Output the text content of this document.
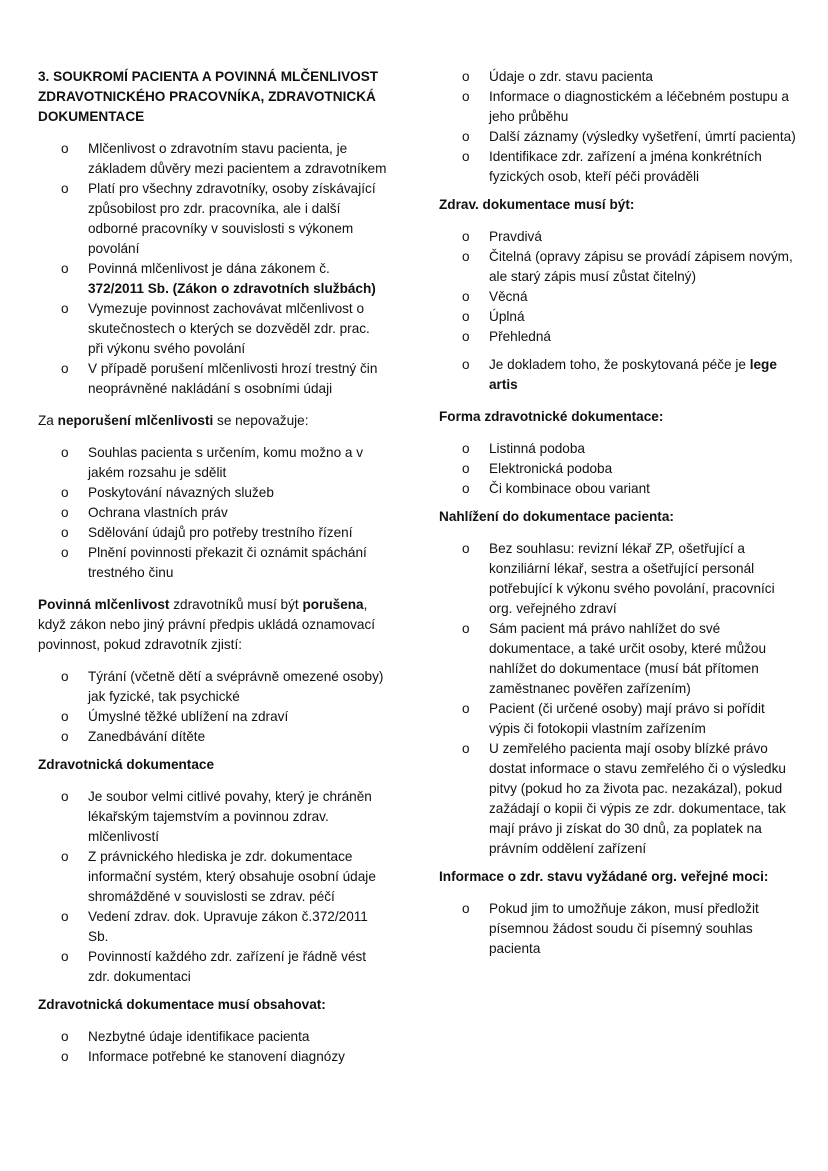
3. SOUKROMÍ PACIENTA A POVINNÁ MLČENLIVOST ZDRAVOTNICKÉHO PRACOVNÍKA, ZDRAVOTNICKÁ DOKUMENTACE

o Mlčenlivost o zdravotním stavu pacienta, je základem důvěry mezi pacientem a zdravotníkem
o Platí pro všechny zdravotníky, osoby získávající způsobilost pro zdr. pracovníka, ale i další odborné pracovníky v souvislosti s výkonem povolání
o Povinná mlčenlivost je dána zákonem č. 372/2011 Sb. (Zákon o zdravotních službách)
o Vymezuje povinnost zachovávat mlčenlivost o skutečnostech o kterých se dozvěděl zdr. prac. při výkonu svého povolání
o V případě porušení mlčenlivosti hrozí trestný čin neoprávněné nakládání s osobními údaji

Za neporušení mlčenlivosti se nepovažuje:

o Souhlas pacienta s určením, komu možno a v jakém rozsahu je sdělit
o Poskytování návazných služeb
o Ochrana vlastních práv
o Sdělování údajů pro potřeby trestního řízení
o Plnění povinnosti překazit či oznámit spáchání trestného činu

Povinná mlčenlivost zdravotníků musí být porušena, když zákon nebo jiný právní předpis ukládá oznamovací povinnost, pokud zdravotník zjistí:

o Týrání (včetně dětí a svéprávně omezené osoby) jak fyzické, tak psychické
o Úmyslné těžké ublížení na zdraví
o Zanedbávání dítěte

Zdravotnická dokumentace

o Je soubor velmi citlivé povahy, který je chráněn lékařským tajemstvím a povinnou zdrav. mlčenlivostí
o Z právnického hlediska je zdr. dokumentace informační systém, který obsahuje osobní údaje shromážděné v souvislosti se zdrav. péčí
o Vedení zdrav. dok. Upravuje zákon č.372/2011 Sb.
o Povinností každého zdr. zařízení je řádně vést zdr. dokumentaci

Zdravotnická dokumentace musí obsahovat:

o Nezbytné údaje identifikace pacienta
o Informace potřebné ke stanovení diagnózy
o Údaje o zdr. stavu pacienta
o Informace o diagnostickém a léčebném postupu a jeho průběhu
o Další záznamy (výsledky vyšetření, úmrtí pacienta)
o Identifikace zdr. zařízení a jména konkrétních fyzických osob, kteří péči prováděli

Zdrav. dokumentace musí být:

o Pravdivá
o Čitelná (opravy zápisu se provádí zápisem novým, ale starý zápis musí zůstat čitelný)
o Věcná
o Úplná
o Přehledná
o Je dokladem toho, že poskytovaná péče je lege artis

Forma zdravotnické dokumentace:

o Listinná podoba
o Elektronická podoba
o Či kombinace obou variant

Nahlížení do dokumentace pacienta:

o Bez souhlasu: revizní lékař ZP, ošetřující a konziliární lékař, sestra a ošetřující personál potřebující k výkonu svého povolání, pracovníci org. veřejného zdraví
o Sám pacient má právo nahlížet do své dokumentace, a také určit osoby, které můžou nahlížet do dokumentace (musí bát přítomen zaměstnanec pověřen zařízením)
o Pacient (či určené osoby) mají právo si pořídit výpis či fotokopii vlastním zařízením
o U zemřelého pacienta mají osoby blízké právo dostat informace o stavu zemřelého či o výsledku pitvy (pokud ho za života pac. nezakázal), pokud zažádají o kopii či výpis ze zdr. dokumentace, tak mají právo ji získat do 30 dnů, za poplatek na právním oddělení zařízení

Informace o zdr. stavu vyžádané org. veřejné moci:

o Pokud jim to umožňuje zákon, musí předložit písemnou žádost soudu či písemný souhlas pacienta
